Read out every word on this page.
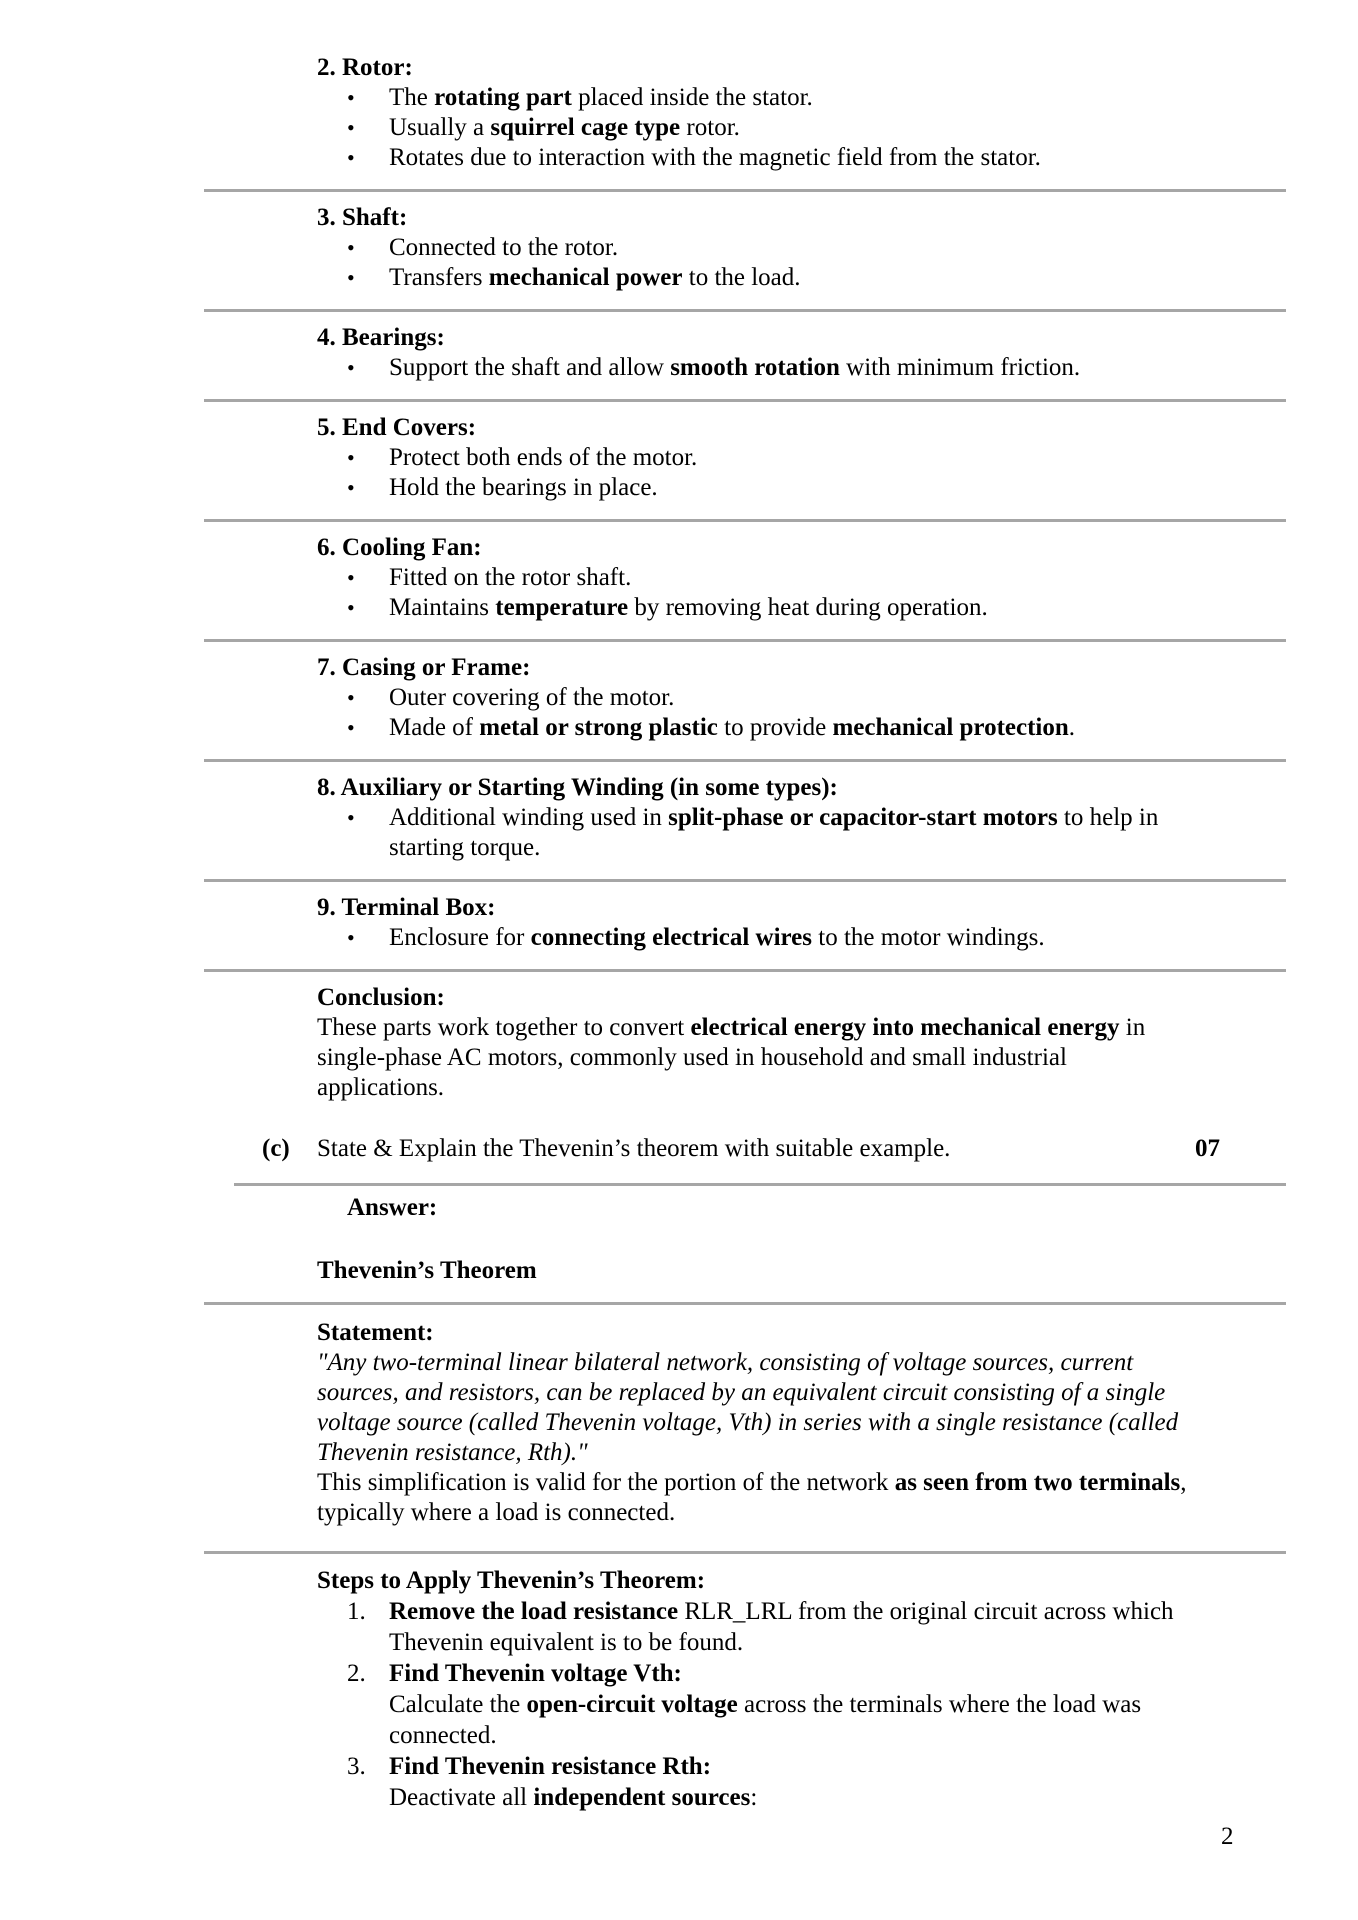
2. Rotor:
• The rotating part placed inside the stator.
• Usually a squirrel cage type rotor.
• Rotates due to interaction with the magnetic field from the stator.
3. Shaft:
• Connected to the rotor.
• Transfers mechanical power to the load.
4. Bearings:
• Support the shaft and allow smooth rotation with minimum friction.
5. End Covers:
• Protect both ends of the motor.
• Hold the bearings in place.
6. Cooling Fan:
• Fitted on the rotor shaft.
• Maintains temperature by removing heat during operation.
7. Casing or Frame:
• Outer covering of the motor.
• Made of metal or strong plastic to provide mechanical protection.
8. Auxiliary or Starting Winding (in some types):
• Additional winding used in split-phase or capacitor-start motors to help in starting torque.
9. Terminal Box:
• Enclosure for connecting electrical wires to the motor windings.
Conclusion:
These parts work together to convert electrical energy into mechanical energy in single-phase AC motors, commonly used in household and small industrial applications.
(c) State & Explain the Thevenin’s theorem with suitable example.	07
Answer:
Thevenin’s Theorem
Statement:
"Any two-terminal linear bilateral network, consisting of voltage sources, current sources, and resistors, can be replaced by an equivalent circuit consisting of a single voltage source (called Thevenin voltage, Vth) in series with a single resistance (called Thevenin resistance, Rth)."
This simplification is valid for the portion of the network as seen from two terminals, typically where a load is connected.
Steps to Apply Thevenin’s Theorem:
1. Remove the load resistance RLR_LRL from the original circuit across which Thevenin equivalent is to be found.
2. Find Thevenin voltage Vth:
Calculate the open-circuit voltage across the terminals where the load was connected.
3. Find Thevenin resistance Rth:
Deactivate all independent sources:
2
